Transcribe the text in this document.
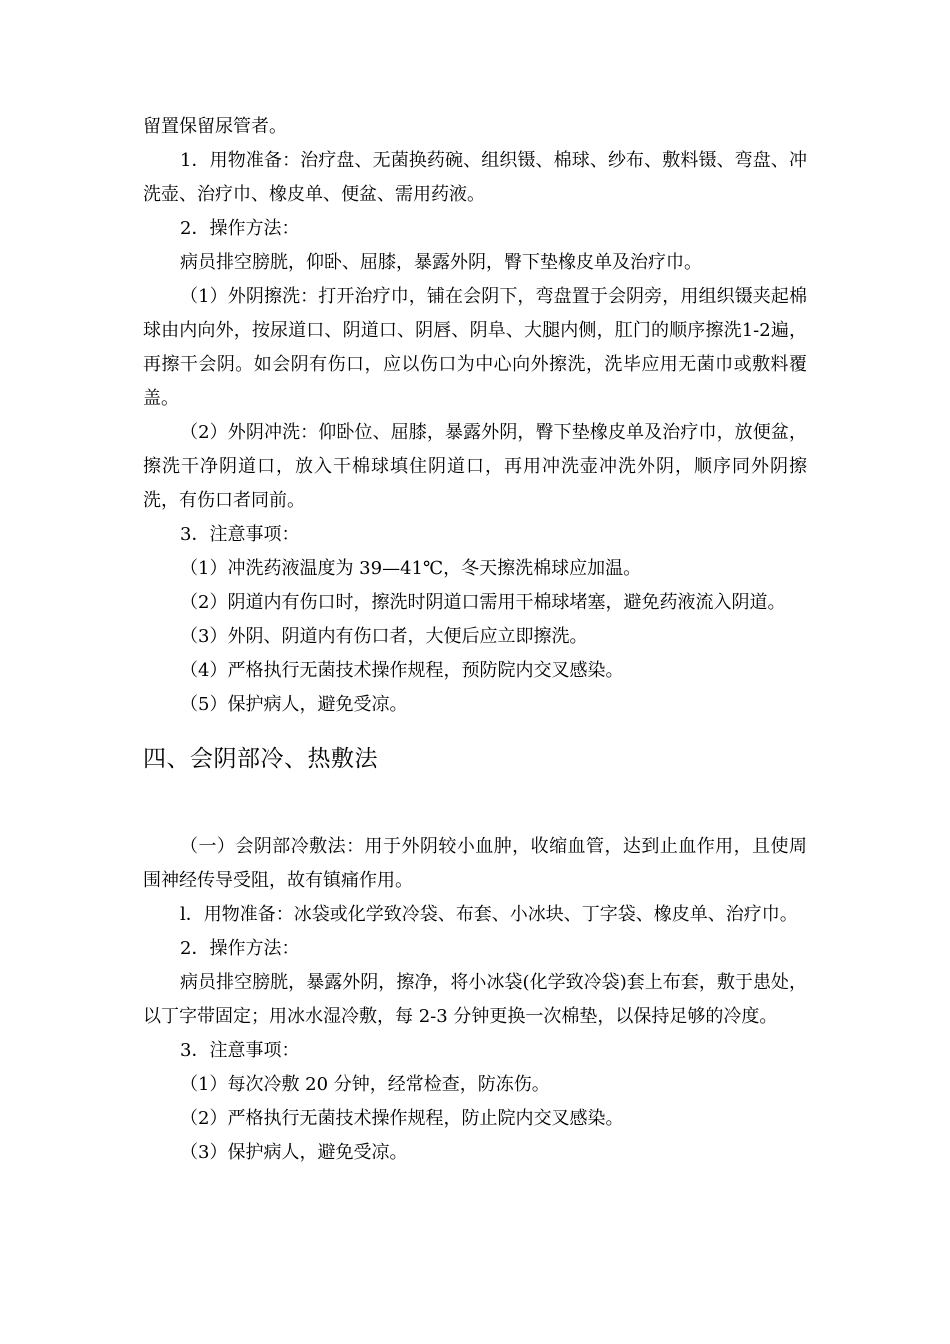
留置保留尿管者。

1．用物准备：治疗盘、无菌换药碗、组织镊、棉球、纱布、敷料镊、弯盘、冲洗壶、治疗巾、橡皮单、便盆、需用药液。

2．操作方法：

病员排空膀胱，仰卧、屈膝，暴露外阴，臀下垫橡皮单及治疗巾。

（1）外阴擦洗：打开治疗巾，铺在会阴下，弯盘置于会阴旁，用组织镊夹起棉球由内向外，按尿道口、阴道口、阴唇、阴阜、大腿内侧，肛门的顺序擦洗1-2遍，再擦干会阴。如会阴有伤口，应以伤口为中心向外擦洗，洗毕应用无菌巾或敷料覆盖。

（2）外阴冲洗：仰卧位、屈膝，暴露外阴，臀下垫橡皮单及治疗巾，放便盆，擦洗干净阴道口，放入干棉球填住阴道口，再用冲洗壶冲洗外阴，顺序同外阴擦洗，有伤口者同前。

3．注意事项：

（1）冲洗药液温度为 39—41℃，冬天擦洗棉球应加温。

（2）阴道内有伤口时，擦洗时阴道口需用干棉球堵塞，避免药液流入阴道。

（3）外阴、阴道内有伤口者，大便后应立即擦洗。

（4）严格执行无菌技术操作规程，预防院内交叉感染。

（5）保护病人，避免受凉。

四、会阴部冷、热敷法

（一）会阴部冷敷法：用于外阴较小血肿，收缩血管，达到止血作用，且使周围神经传导受阻，故有镇痛作用。

l．用物准备：冰袋或化学致冷袋、布套、小冰块、丁字袋、橡皮单、治疗巾。

2．操作方法：

病员排空膀胱，暴露外阴，擦净，将小冰袋(化学致冷袋)套上布套，敷于患处，以丁字带固定；用冰水湿冷敷，每 2-3 分钟更换一次棉垫，以保持足够的冷度。

3．注意事项：

（1）每次冷敷 20 分钟，经常检查，防冻伤。

（2）严格执行无菌技术操作规程，防止院内交叉感染。

（3）保护病人，避免受凉。
